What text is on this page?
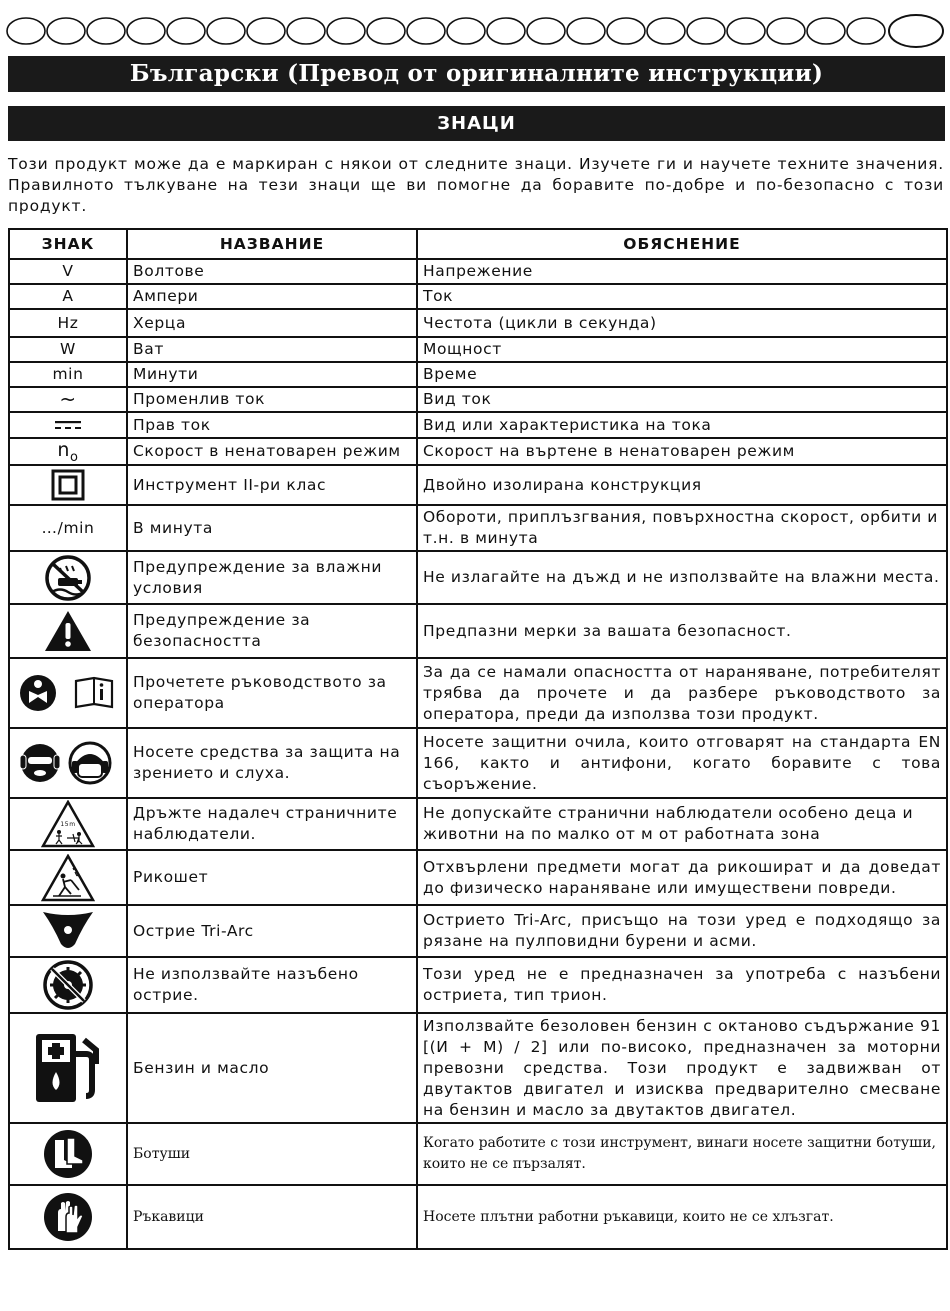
Български (Превод от оригиналните инструкции)
ЗНАЦИ
Този продукт може да е маркиран с някои от следните знаци. Изучете ги и научете техните значения. Правилното тълкуване на тези знаци ще ви помогне да боравите по-добре и по-безопасно с този продукт.
ЗНАК	НАЗВАНИЕ	ОБЯСНЕНИЕ
V	Волтове	Напрежение
A	Ампери	Ток
Hz	Херца	Честота (цикли в секунда)
W	Ват	Мощност
min	Минути	Време
~	Променлив ток	Вид ток
	Прав ток	Вид или характеристика на тока
$n_o$	Скорост в ненатоварен режим	Скорост на въртене в ненатоварен режим
	Инструмент II-ри клас	Двойно изолирана конструкция
…/min	В минута	Обороти, приплъзгвания, повърхностна скорост, орбити и т.н. в минута
	Предупреждение за влажни условия	Не излагайте на дъжд и не използвайте на влажни места.
	Предупреждение за безопасността	Предпазни мерки за вашата безопасност.
	Прочетете ръководството за оператора	За да се намали опасността от нараняване, потребителят трябва да прочете и да разбере ръководството за оператора, преди да използва този продукт.
	Носете средства за защита на зрението и слуха.	Носете защитни очила, които отговарят на стандарта EN 166, както и антифони, когато боравите с това съоръжение.

15m	Дръжте надалеч страничните наблюдатели.	Не допускайте странични наблюдатели особено деца и животни на по малко от м от работната зона
	Рикошет	Отхвърлени предмети могат да рикошират и да доведат до физическо нараняване или имуществени повреди.
	Острие Tri-Arc	Острието Tri-Arc, присъщо на този уред е подходящо за рязане на пулповидни бурени и асми.
	Не използвайте назъбено острие.	Този уред не е предназначен за употреба с назъбени остриета, тип трион.
	Бензин и масло	Използвайте безоловен бензин с октаново съдържание 91 [(И + М) / 2] или по-високо, предназначен за моторни превозни средства. Този продукт е задвижван от двутактов двигател и изисква предварително смесване на бензин и масло за двутактов двигател.
	Ботуши	Когато работите с този инструмент, винаги носете защитни ботуши, които не се пързалят.
	Ръкавици	Носете плътни работни ръкавици, които не се хлъзгат.
